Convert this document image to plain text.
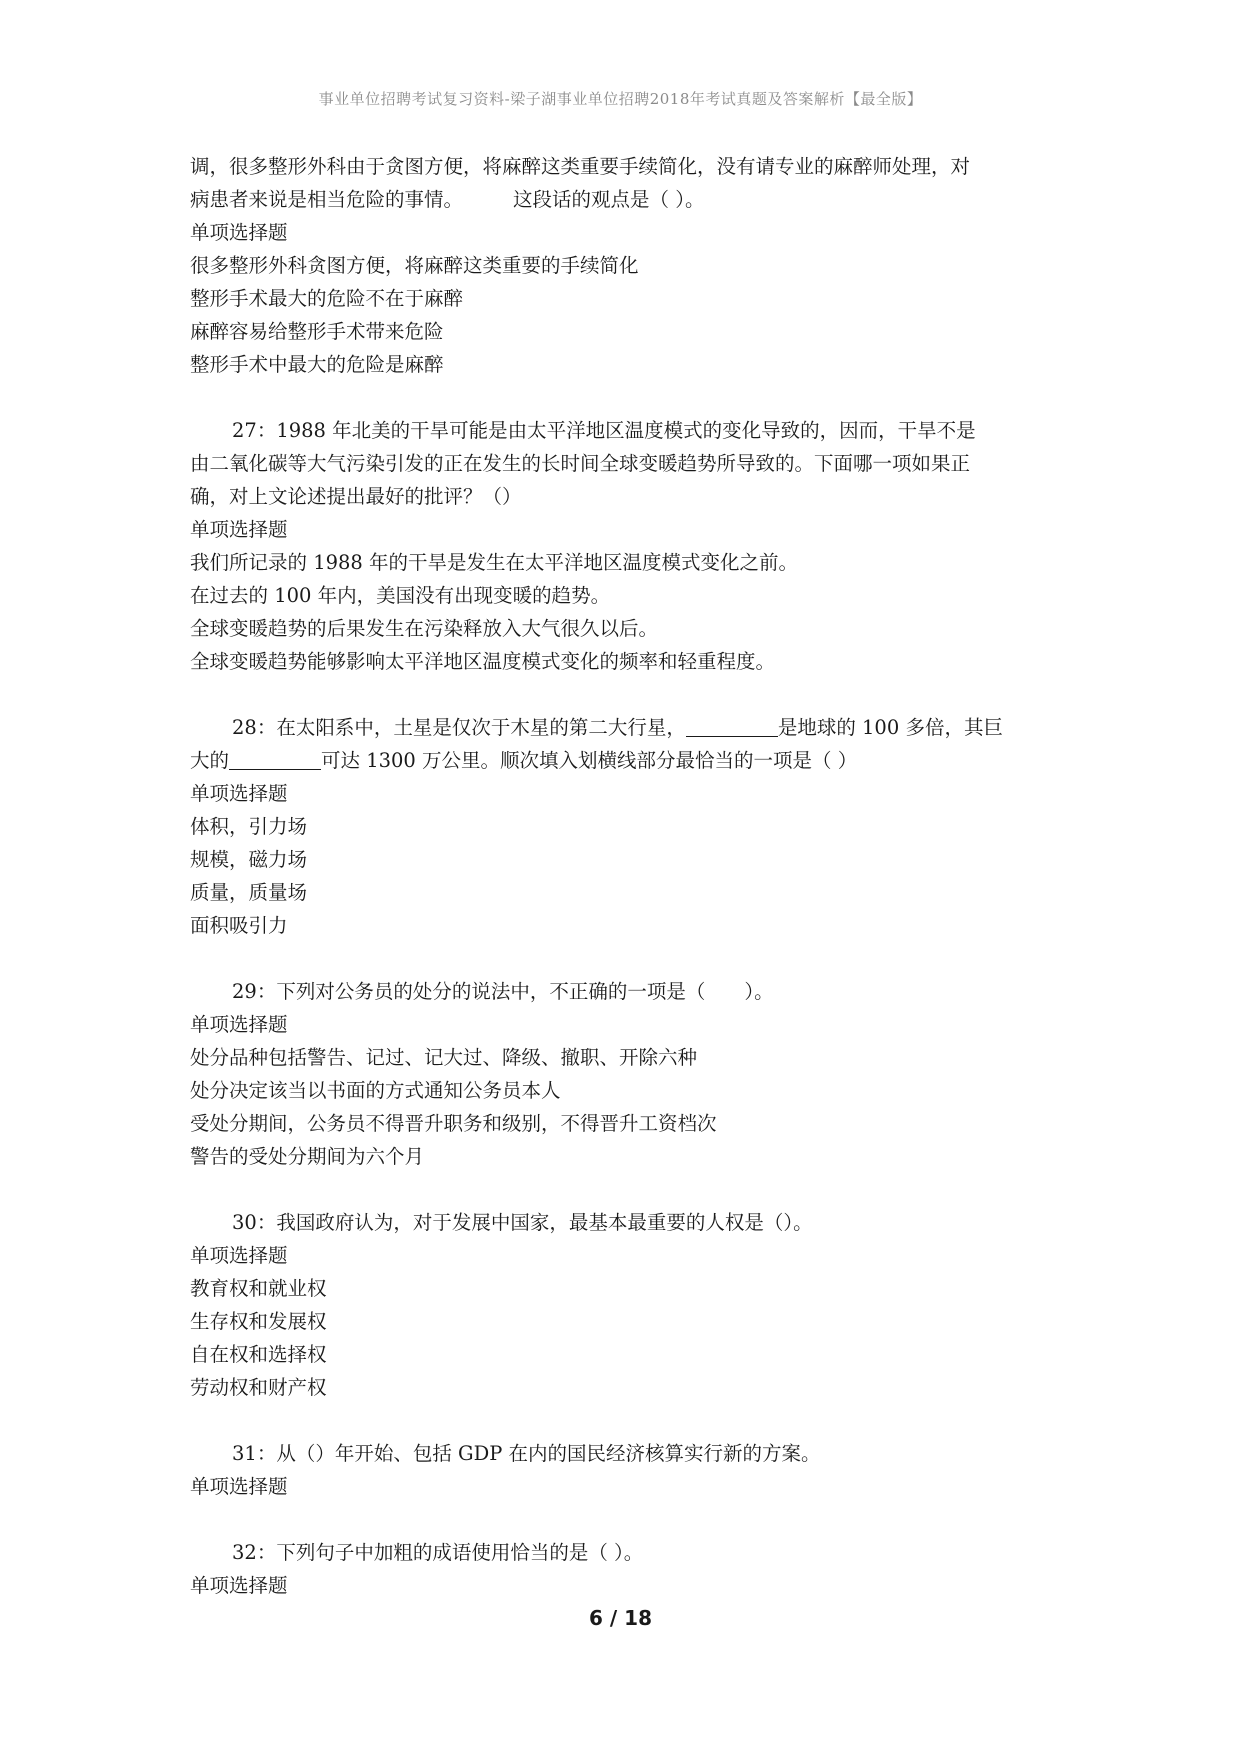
事业单位招聘考试复习资料-梁子湖事业单位招聘2018年考试真题及答案解析【最全版】

调，很多整形外科由于贪图方便，将麻醉这类重要手续简化，没有请专业的麻醉师处理，对

病患者来说是相当危险的事情。	这段话的观点是（ ）。

单项选择题

很多整形外科贪图方便，将麻醉这类重要的手续简化

整形手术最大的危险不在于麻醉

麻醉容易给整形手术带来危险

整形手术中最大的危险是麻醉

27：1988 年北美的干旱可能是由太平洋地区温度模式的变化导致的，因而，干旱不是

由二氧化碳等大气污染引发的正在发生的长时间全球变暖趋势所导致的。下面哪一项如果正

确，对上文论述提出最好的批评？（）

单项选择题

我们所记录的 1988 年的干旱是发生在太平洋地区温度模式变化之前。

在过去的 100 年内，美国没有出现变暖的趋势。

全球变暖趋势的后果发生在污染释放入大气很久以后。

全球变暖趋势能够影响太平洋地区温度模式变化的频率和轻重程度。

28：在太阳系中，土星是仅次于木星的第二大行星，	是地球的 100 多倍，其巨

大的	可达 1300 万公里。顺次填入划横线部分最恰当的一项是（ ）

单项选择题

体积，引力场

规模，磁力场

质量，质量场

面积吸引力

29：下列对公务员的处分的说法中，不正确的一项是（　　）。

单项选择题

处分品种包括警告、记过、记大过、降级、撤职、开除六种

处分决定该当以书面的方式通知公务员本人

受处分期间，公务员不得晋升职务和级别，不得晋升工资档次

警告的受处分期间为六个月

30：我国政府认为，对于发展中国家，最基本最重要的人权是（）。

单项选择题

教育权和就业权

生存权和发展权

自在权和选择权

劳动权和财产权

31：从（）年开始、包括 GDP 在内的国民经济核算实行新的方案。

单项选择题

32：下列句子中加粗的成语使用恰当的是（ ）。

单项选择题

6 / 18
